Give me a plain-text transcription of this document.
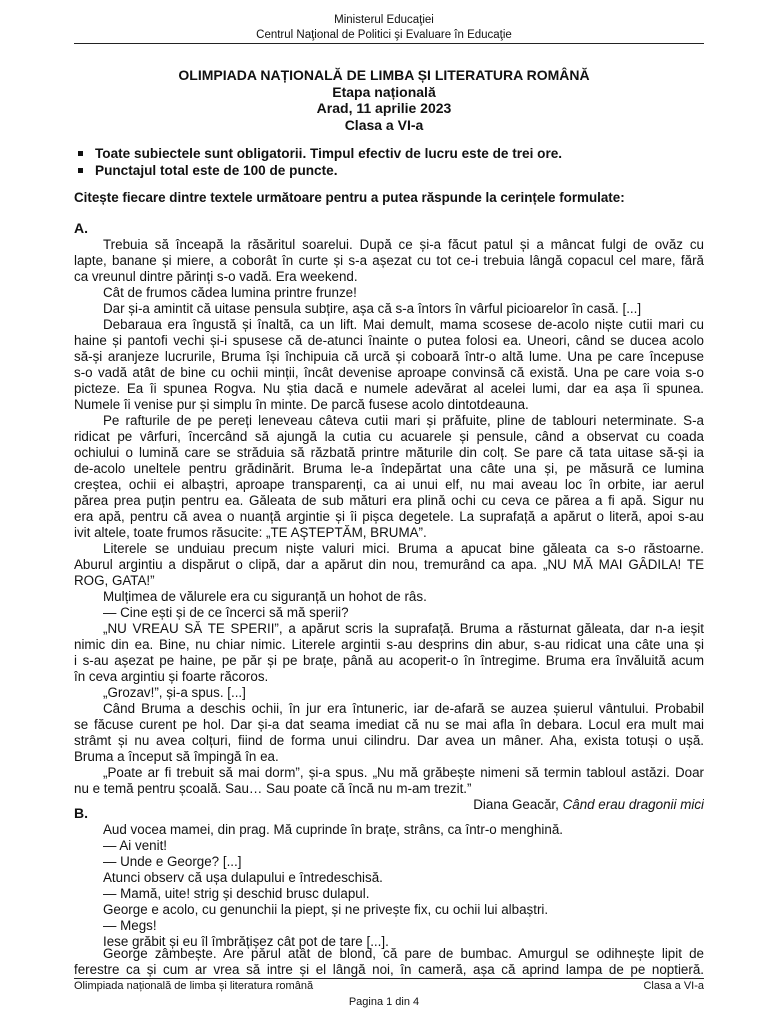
Ministerul Educaţiei
Centrul Naţional de Politici şi Evaluare în Educaţie
OLIMPIADA NAȚIONALĂ DE LIMBA ȘI LITERATURA ROMÂNĂ
Etapa națională
Arad, 11 aprilie 2023
Clasa a VI-a
Toate subiectele sunt obligatorii. Timpul efectiv de lucru este de trei ore.
Punctajul total este de 100 de puncte.
Citește fiecare dintre textele următoare pentru a putea răspunde la cerințele formulate:
A.
Trebuia să înceapă la răsăritul soarelui. După ce și-a făcut patul și a mâncat fulgi de ovăz cu
lapte, banane și miere, a coborât în curte și s-a așezat cu tot ce-i trebuia lângă copacul cel mare, fără
ca vreunul dintre părinți s-o vadă. Era weekend.
Cât de frumos cădea lumina printre frunze!
Dar și-a amintit că uitase pensula subțire, așa că s-a întors în vârful picioarelor în casă. [...]
Debaraua era îngustă și înaltă, ca un lift. Mai demult, mama scosese de-acolo niște cutii mari cu
haine și pantofi vechi și-i spusese că de-atunci înainte o putea folosi ea. Uneori, când se ducea acolo
să-și aranjeze lucrurile, Bruma își închipuia că urcă și coboară într-o altă lume. Una pe care începuse
s-o vadă atât de bine cu ochii minții, încât devenise aproape convinsă că există. Una pe care voia s-o
picteze. Ea îi spunea Rogva. Nu știa dacă e numele adevărat al acelei lumi, dar ea așa îi spunea.
Numele îi venise pur și simplu în minte. De parcă fusese acolo dintotdeauna.
Pe rafturile de pe pereți leneveau câteva cutii mari și prăfuite, pline de tablouri neterminate. S-a
ridicat pe vârfuri, încercând să ajungă la cutia cu acuarele și pensule, când a observat cu coada
ochiului o lumină care se străduia să răzbată printre măturile din colț. Se pare că tata uitase să-și ia
de-acolo uneltele pentru grădinărit. Bruma le-a îndepărtat una câte una și, pe măsură ce lumina
creștea, ochii ei albaștri, aproape transparenți, ca ai unui elf, nu mai aveau loc în orbite, iar aerul
părea prea puțin pentru ea. Găleata de sub mături era plină ochi cu ceva ce părea a fi apă. Sigur nu
era apă, pentru că avea o nuanță argintie și îi pișca degetele. La suprafață a apărut o literă, apoi s-au
ivit altele, toate frumos răsucite: „TE AȘTEPTĂM, BRUMA”.
Literele se unduiau precum niște valuri mici. Bruma a apucat bine găleata ca s-o răstoarne.
Aburul argintiu a dispărut o clipă, dar a apărut din nou, tremurând ca apa. „NU MĂ MAI GÂDILA! TE
ROG, GATA!”
Mulțimea de vălurele era cu siguranță un hohot de râs.
— Cine ești și de ce încerci să mă sperii?
„NU VREAU SĂ TE SPERII”, a apărut scris la suprafață. Bruma a răsturnat găleata, dar n-a ieșit
nimic din ea. Bine, nu chiar nimic. Literele argintii s-au desprins din abur, s-au ridicat una câte una și
i s-au așezat pe haine, pe păr și pe brațe, până au acoperit-o în întregime. Bruma era învăluită acum
în ceva argintiu și foarte răcoros.
„Grozav!”, și-a spus. [...]
Când Bruma a deschis ochii, în jur era întuneric, iar de-afară se auzea șuierul vântului. Probabil
se făcuse curent pe hol. Dar și-a dat seama imediat că nu se mai afla în debara. Locul era mult mai
strâmt și nu avea colțuri, fiind de forma unui cilindru. Dar avea un mâner. Aha, exista totuși o ușă.
Bruma a început să împingă în ea.
„Poate ar fi trebuit să mai dorm”, și-a spus. „Nu mă grăbește nimeni să termin tabloul astăzi. Doar
nu e temă pentru școală. Sau… Sau poate că încă nu m-am trezit.”
Diana Geacăr, Când erau dragonii mici
B.
Aud vocea mamei, din prag. Mă cuprinde în brațe, strâns, ca într-o menghină.
— Ai venit!
— Unde e George? [...]
Atunci observ că ușa dulapului e întredeschisă.
— Mamă, uite! strig și deschid brusc dulapul.
George e acolo, cu genunchii la piept, și ne privește fix, cu ochii lui albaștri.
— Megs!
Iese grăbit și eu îl îmbrățișez cât pot de tare [...].
George zâmbește. Are părul atât de blond, că pare de bumbac. Amurgul se odihnește lipit de
ferestre ca și cum ar vrea să intre și el lângă noi, în cameră, așa că aprind lampa de pe noptieră.
Olimpiada națională de limba și literatura română	Clasa a VI-a
Pagina 1 din 4
